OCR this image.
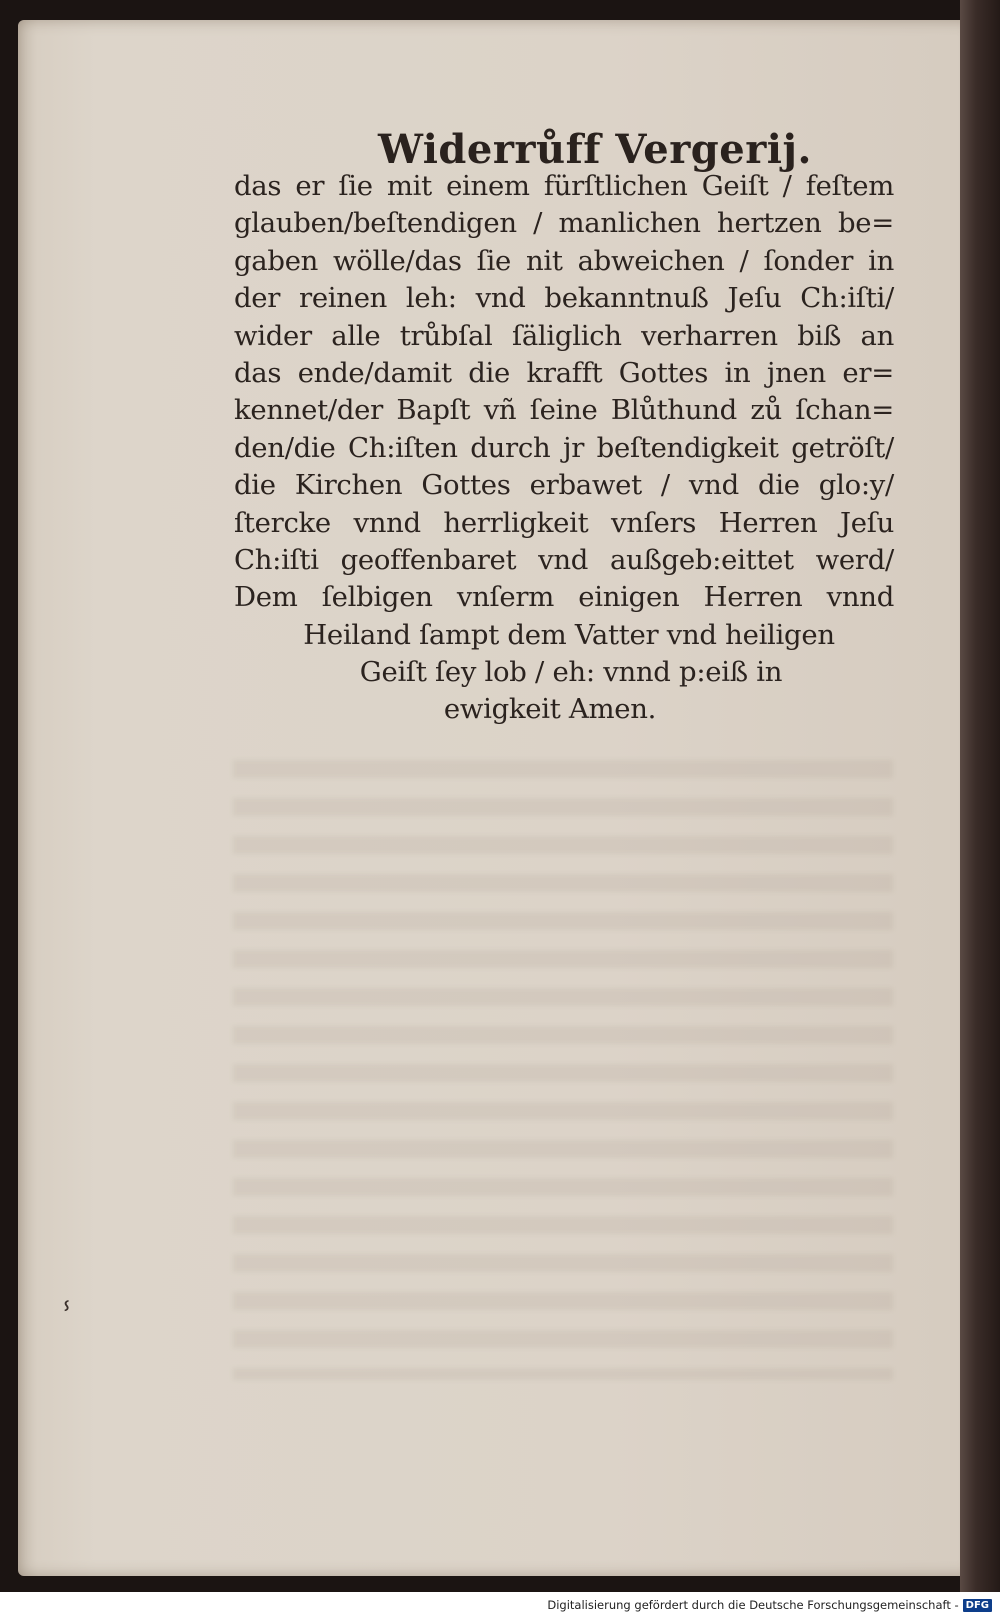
Widerrůff Vergerij.
das er ſie mit einem fürſtlichen Geiſt / feſtem
glauben/beſtendigen / manlichen hertzen be=
gaben wölle/das ſie nit abweichen / ſonder in
der reinen leh: vnd bekanntnuß Jeſu Ch:iſti/
wider alle trůbſal ſäliglich verharren biß an
das ende/damit die krafft Gottes in jnen er=
kennet/der Bapſt vñ ſeine Blůthund zů ſchan=
den/die Ch:iſten durch jr beſtendigkeit getröſt/
die Kirchen Gottes erbawet / vnd die glo:y/
ſtercke vnnd herrligkeit vnſers Herren Jeſu
Ch:iſti geoffenbaret vnd außgeb:eittet werd/
Dem ſelbigen vnſerm einigen Herren vnnd
Heiland ſampt dem Vatter vnd heiligen
Geiſt ſey lob / eh: vnnd p:eiß in
ewigkeit Amen.
ⸯ
Digitalisierung gefördert durch die Deutsche Forschungsgemeinschaft - DFG
